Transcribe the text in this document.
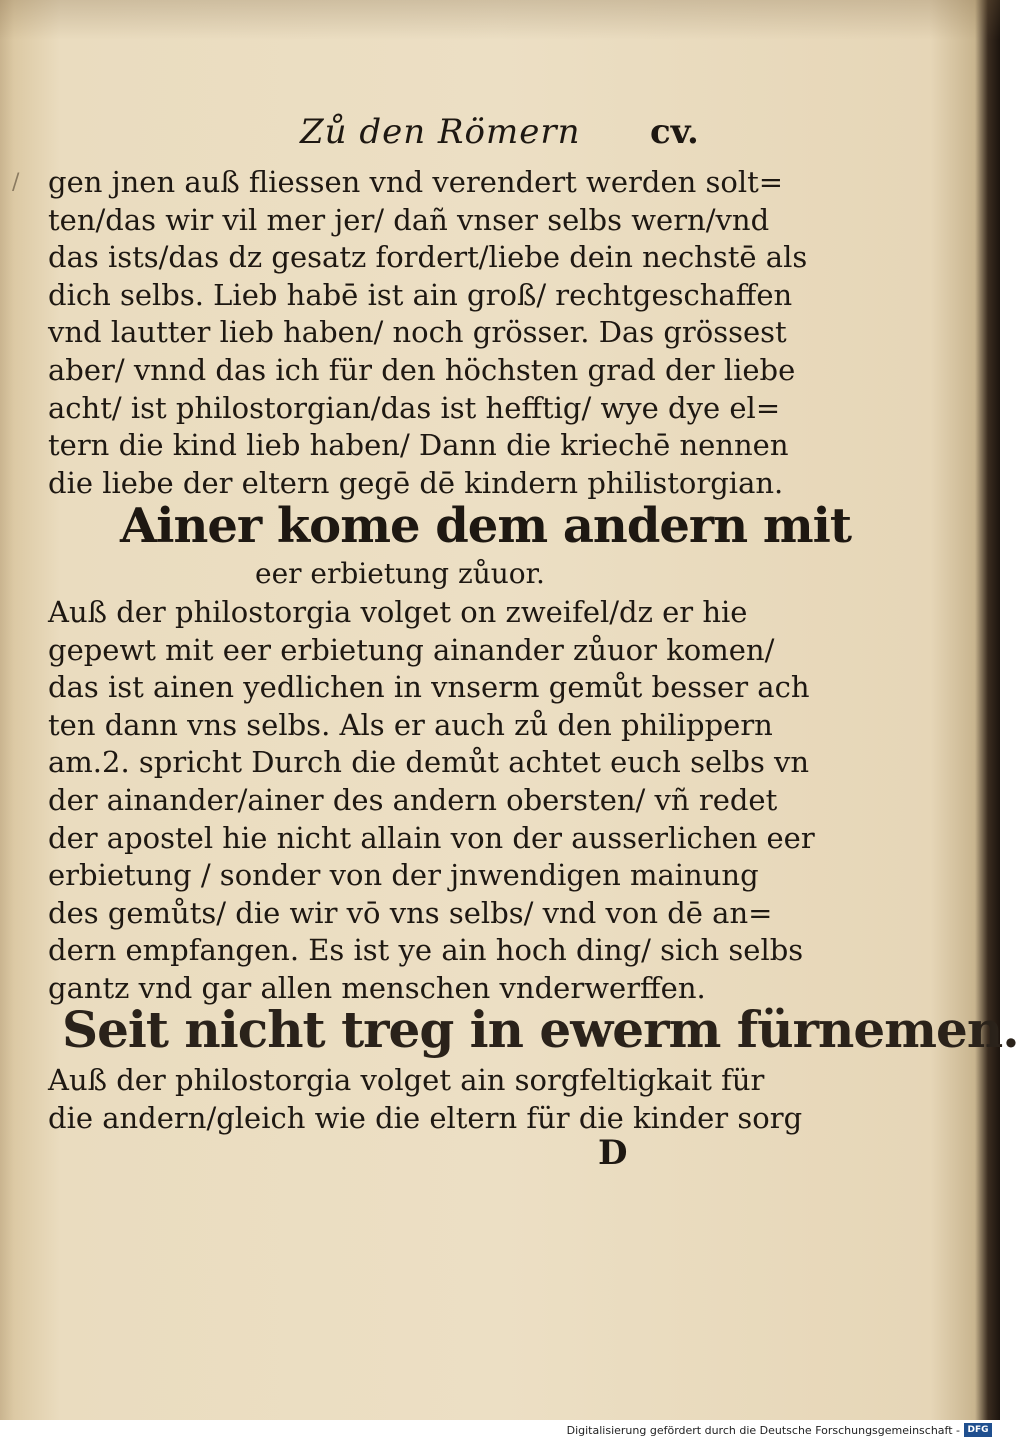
/
Zů den Römern cv.
gen jnen auß fliessen vnd verendert werden solt=
ten/das wir vil mer jer/ dañ vnser selbs wern/vnd
das ists/das dz gesatz fordert/liebe dein nechstē als
dich selbs. Lieb habē ist ain groß/ rechtgeschaffen
vnd lautter lieb haben/ noch grösser. Das grössest
aber/ vnnd das ich für den höchsten grad der liebe
acht/ ist philostorgian/das ist hefftig/ wye dye el=
tern die kind lieb haben/ Dann die kriechē nennen
die liebe der eltern gegē dē kindern philistorgian.
Ainer kome dem andern mit
eer erbietung zůuor.
Auß der philostorgia volget on zweifel/dz er hie
gepewt mit eer erbietung ainander zůuor komen/
das ist ainen yedlichen in vnserm gemůt besser ach
ten dann vns selbs. Als er auch zů den philippern
am.2. spricht Durch die demůt achtet euch selbs vn
der ainander/ainer des andern obersten/ vñ redet
der apostel hie nicht allain von der ausserlichen eer
erbietung / sonder von der jnwendigen mainung
des gemůts/ die wir vō vns selbs/ vnd von dē an=
dern empfangen. Es ist ye ain hoch ding/ sich selbs
gantz vnd gar allen menschen vnderwerffen.
Seit nicht treg in ewerm fürnemen.
Auß der philostorgia volget ain sorgfeltigkait für
die andern/gleich wie die eltern für die kinder sorg
D
Digitalisierung gefördert durch die Deutsche Forschungsgemeinschaft - DFG
